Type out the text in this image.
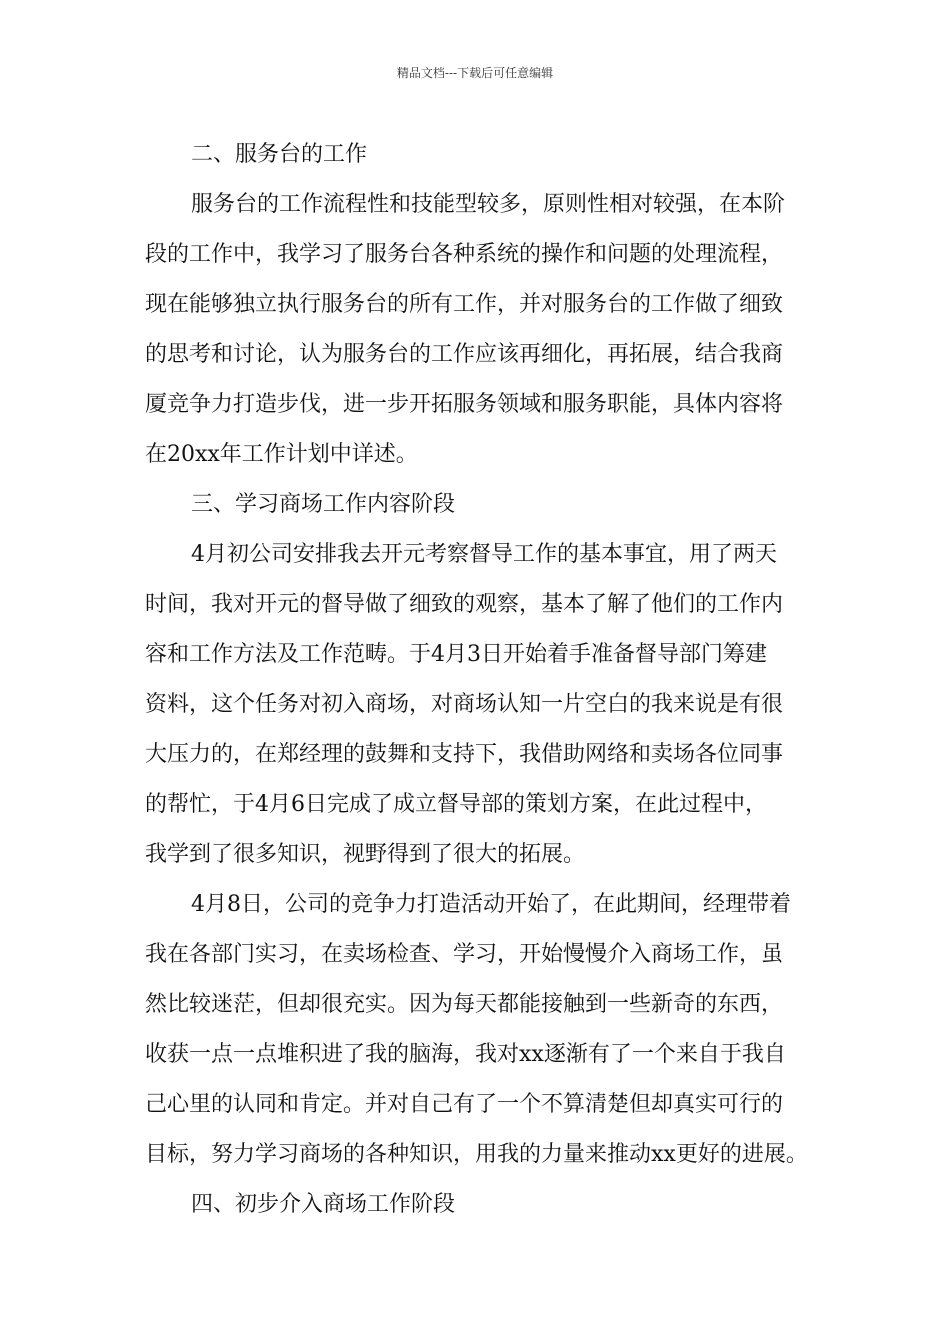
精品文档---下载后可任意编辑
二、服务台的工作
服务台的工作流程性和技能型较多，原则性相对较强，在本阶
段的工作中，我学习了服务台各种系统的操作和问题的处理流程，
现在能够独立执行服务台的所有工作，并对服务台的工作做了细致
的思考和讨论，认为服务台的工作应该再细化，再拓展，结合我商
厦竞争力打造步伐，进一步开拓服务领域和服务职能，具体内容将
在20xx年工作计划中详述。
三、学习商场工作内容阶段
4月初公司安排我去开元考察督导工作的基本事宜，用了两天
时间，我对开元的督导做了细致的观察，基本了解了他们的工作内
容和工作方法及工作范畴。于4月3日开始着手准备督导部门筹建
资料，这个任务对初入商场，对商场认知一片空白的我来说是有很
大压力的，在郑经理的鼓舞和支持下，我借助网络和卖场各位同事
的帮忙，于4月6日完成了成立督导部的策划方案，在此过程中，
我学到了很多知识，视野得到了很大的拓展。
4月8日，公司的竞争力打造活动开始了，在此期间，经理带着
我在各部门实习，在卖场检查、学习，开始慢慢介入商场工作，虽
然比较迷茫，但却很充实。因为每天都能接触到一些新奇的东西，
收获一点一点堆积进了我的脑海，我对xx逐渐有了一个来自于我自
己心里的认同和肯定。并对自己有了一个不算清楚但却真实可行的
目标，努力学习商场的各种知识，用我的力量来推动xx更好的进展。
四、初步介入商场工作阶段
